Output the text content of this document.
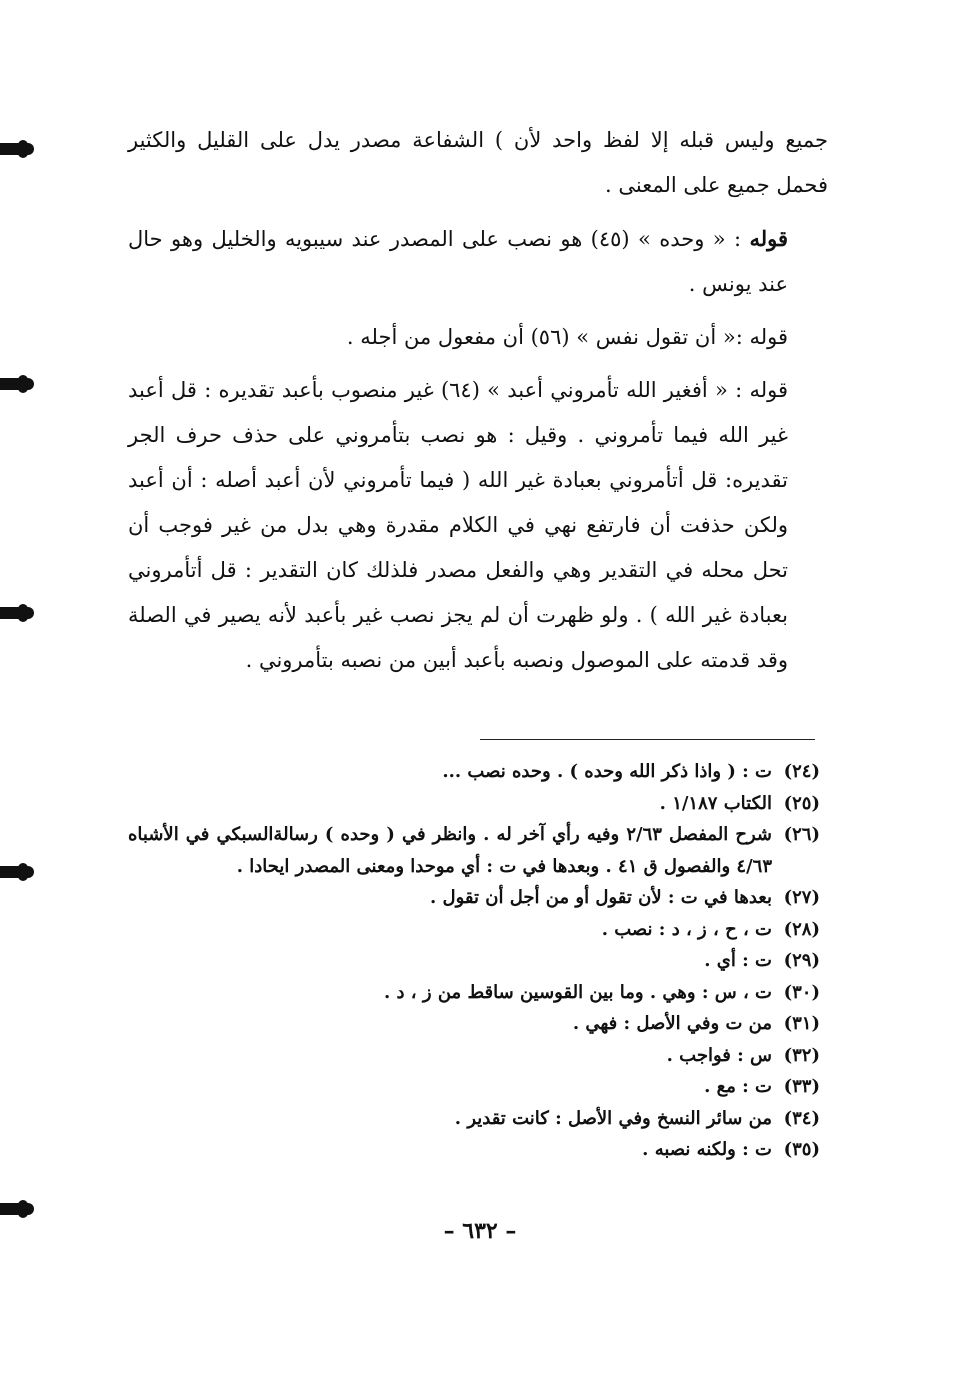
جميع وليس قبله إلا لفظ واحد لأن ) الشفاعة مصدر يدل على القليل والكثير فحمل جميع على المعنى .

قوله : « وحده » (٤٥) هو نصب على المصدر عند سيبويه والخليل وهو حال عند يونس .

قوله :« أن تقول نفس » (٥٦) أن مفعول من أجله .

قوله : « أفغير الله تأمروني أعبد » (٦٤) غير منصوب بأعبد تقديره : قل أعبد غير الله فيما تأمروني . وقيل : هو نصب بتأمروني على حذف حرف الجر تقديره: قل أتأمروني بعبادة غير الله ( فيما تأمروني لأن أعبد أصله : أن أعبد ولكن حذفت أن فارتفع نهي في الكلام مقدرة وهي بدل من غير فوجب أن تحل محله في التقدير وهي والفعل مصدر فلذلك كان التقدير : قل أتأمروني بعبادة غير الله ) . ولو ظهرت أن لم يجز نصب غير بأعبد لأنه يصير في الصلة وقد قدمته على الموصول ونصبه بأعبد أبين من نصبه بتأمروني .

(٢٤)
ت : ( واذا ذكر الله وحده ) . وحده نصب ...
(٢٥)
الكتاب ١/١٨٧ .
(٢٦)
شرح المفصل ٢/٦٣ وفيه رأي آخر له . وانظر في ( وحده ) رسالةالسبكي في الأشباه ٤/٦٣ والفصول ق ٤١ . وبعدها في ت : أي موحدا ومعنى المصدر ايحادا .
(٢٧)
بعدها في ت : لأن تقول أو من أجل أن تقول .
(٢٨)
ت ، ح ، ز ، د : نصب .
(٢٩)
ت : أي .
(٣٠)
ت ، س : وهي . وما بين القوسين ساقط من ز ، د .
(٣١)
من ت وفي الأصل : فهي .
(٣٢)
س : فواجب .
(٣٣)
ت : مع .
(٣٤)
من سائر النسخ وفي الأصل : كانت تقدير .
(٣٥)
ت : ولكنه نصبه .
– ٦٣٢ –
